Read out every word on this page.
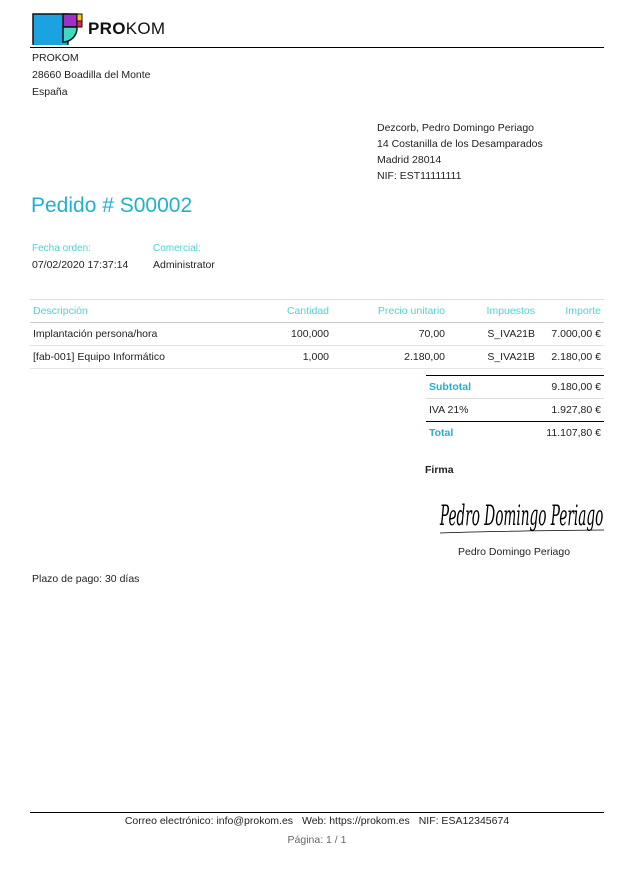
PROKOM
PROKOM
28660 Boadilla del Monte
España
Dezcorb, Pedro Domingo Periago
14 Costanilla de los Desamparados
Madrid 28014
NIF: EST11111111
Pedido # S00002
Fecha orden:
07/02/2020 17:37:14
Comercial:
Administrator
Descripción	Cantidad	Precio unitario	Impuestos	Importe
Implantación persona/hora	100,000	70,00	S_IVA21B	7.000,00 €
[fab-001] Equipo Informático	1,000	2.180,00	S_IVA21B	2.180,00 €
Subtotal	9.180,00 €
IVA 21%	1.927,80 €
Total	11.107,80 €
Firma
Pedro Domingo Periago
Pedro Domingo Periago
Plazo de pago: 30 días
Correo electrónico: info@prokom.es Web: https://prokom.es NIF: ESA12345674
Página: 1 / 1
